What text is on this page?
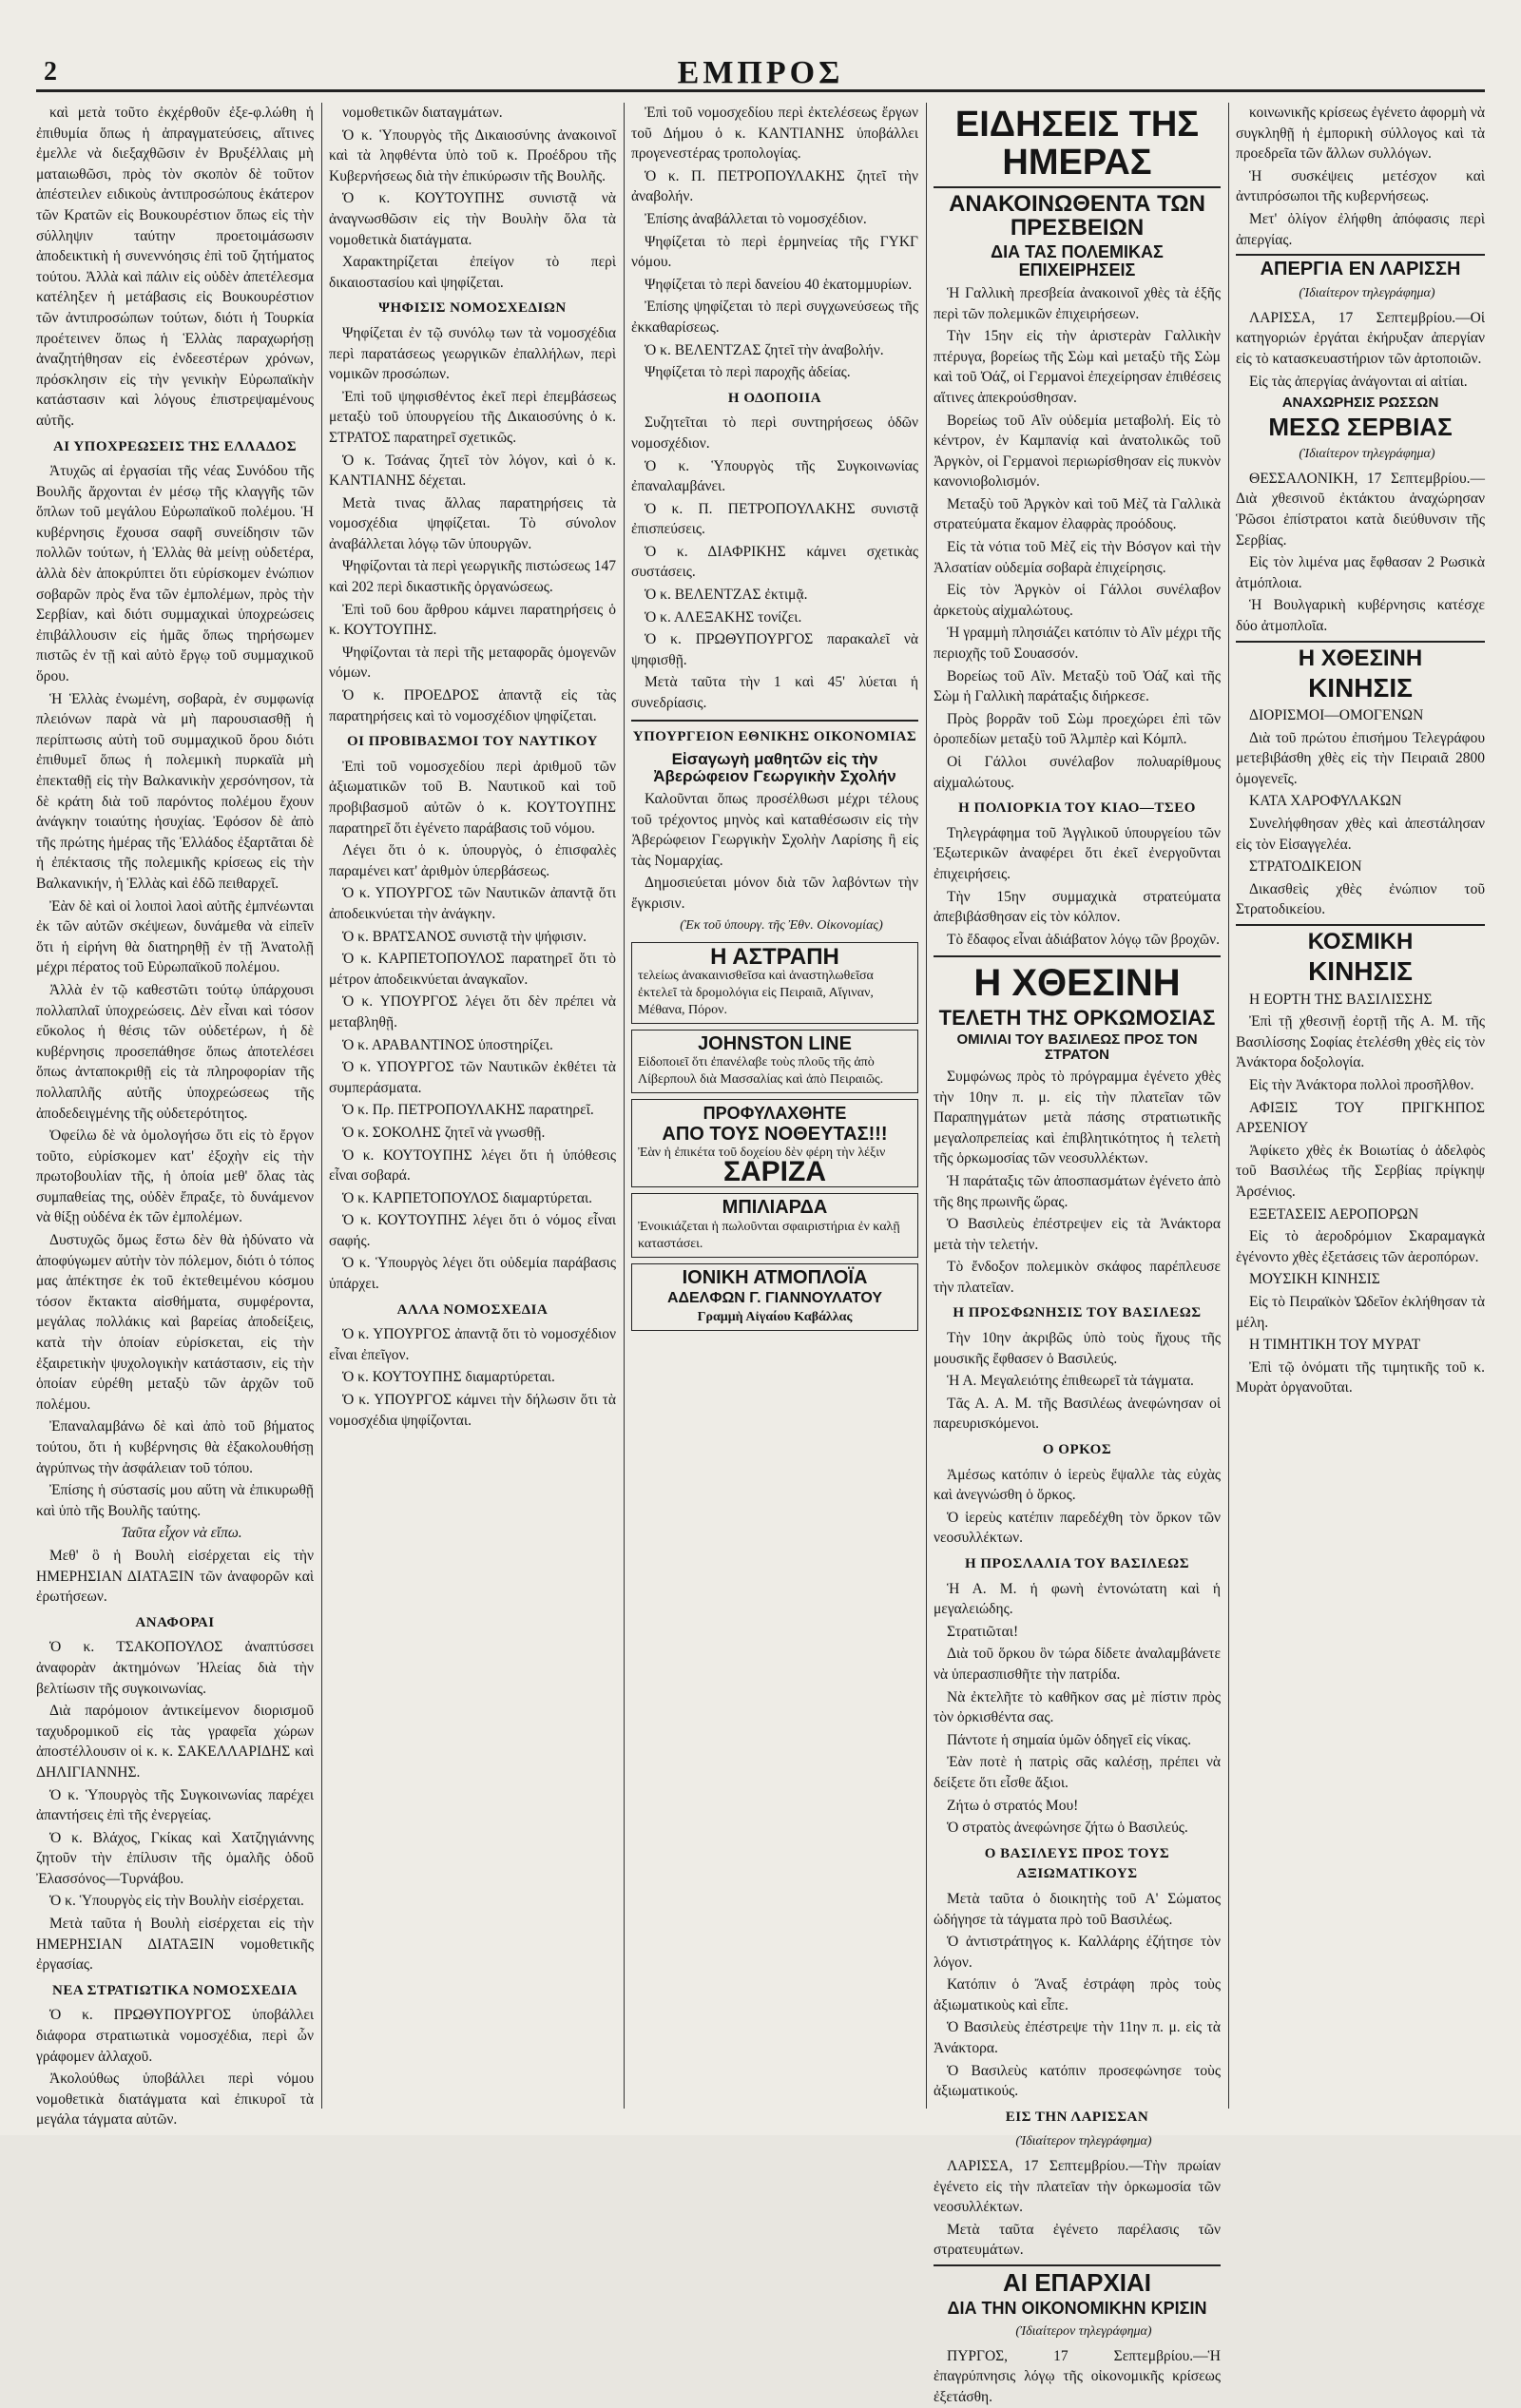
2	ΕΜΠΡΟΣ

καὶ μετὰ τοῦτο ἐκχέρθοῦν ἐξε-φ.λώθη ἡ ἐπιθυμία ὅπως ἡ ἀπραγματεύσεις, αἵτινες ἐμελλε νὰ διεξαχθῶσιν ἐν Βρυξέλλαις μὴ ματαιωθῶσι, πρὸς τὸν σκοπὸν δὲ τοῦτον ἀπέστειλεν ειδικοὺς ἀντιπροσώπους ἑκάτερον τῶν Κρατῶν εἰς Βουκουρέστιον ὅπως εἰς τὴν σύλληψιν ταύτην προετοιμάσωσιν ἀποδεικτικὴ ἡ συνεννόησις ἐπὶ τοῦ ζητήματος τούτου. Ἀλλὰ καὶ πάλιν εἰς οὐδὲν ἀπετέλεσμα κατέληξεν ἡ μετάβασις εἰς Βουκουρέστιον τῶν ἀντιπροσώπων τούτων, διότι ἡ Τουρκία προέτεινεν ὅπως ἡ Ἑλλὰς παραχωρήσῃ ἀναζητήθησαν εἰς ἐνδεεστέρων χρόνων, πρόσκλησιν εἰς τὴν γενικὴν Εὐρωπαϊκὴν κατάστασιν καὶ λόγους ἐπιστρεψαμένους αὐτῆς.

ΑΙ ΥΠΟΧΡΕΩΣΕΙΣ ΤΗΣ ΕΛΛΑΔΟΣ

Ἀτυχῶς αἱ ἐργασίαι τῆς νέας Συνόδου τῆς Βουλῆς ἄρχονται ἐν μέσῳ τῆς κλαγγῆς τῶν ὅπλων τοῦ μεγάλου Εὐρωπαϊκοῦ πολέμου. Ἡ κυβέρνησις ἔχουσα σαφῆ συνείδησιν τῶν πολλῶν τούτων, ἡ Ἑλλὰς θὰ μείνῃ οὐδετέρα, ἀλλὰ δὲν ἀποκρύπτει ὅτι εὑρίσκομεν ἐνώπιον σοβαρῶν πρὸς ἔνα τῶν ἐμπολέμων, πρὸς τὴν Σερβίαν, καὶ διότι συμμαχικαὶ ὑποχρεώσεις ἐπιβάλλουσιν εἰς ἡμᾶς ὅπως τηρήσωμεν πιστῶς ἐν τῇ καὶ αὐτὸ ἔργῳ τοῦ συμμαχικοῦ ὅρου.

Ἡ Ἑλλὰς ἐνωμένη, σοβαρὰ, ἐν συμφωνίᾳ πλειόνων παρὰ νὰ μὴ παρουσιασθῇ ἡ περίπτωσις αὐτὴ τοῦ συμμαχικοῦ ὅρου διότι ἐπιθυμεῖ ὅπως ἡ πολεμικὴ πυρκαϊὰ μὴ ἐπεκταθῇ εἰς τὴν Βαλκανικὴν χερσόνησον, τὰ δὲ κράτη διὰ τοῦ παρόντος πολέμου ἔχουν ἀνάγκην τοιαύτης ἡσυχίας. Ἐφόσον δὲ ἀπὸ τῆς πρώτης ἡμέρας τῆς Ἑλλάδος ἐξαρτᾶται δὲ ἡ ἐπέκτασις τῆς πολεμικῆς κρίσεως εἰς τὴν Βαλκανικήν, ἡ Ἑλλὰς καὶ ἐδῶ πειθαρχεῖ.

Ἐὰν δὲ καὶ οἱ λοιποὶ λαοὶ αὐτῆς ἐμπνέωνται ἐκ τῶν αὐτῶν σκέψεων, δυνάμεθα νὰ εἰπεῖν ὅτι ἡ εἰρήνη θὰ διατηρηθῇ ἐν τῇ Ἀνατολῇ μέχρι πέρατος τοῦ Εὐρωπαϊκοῦ πολέμου.

Ἀλλὰ ἐν τῷ καθεστῶτι τούτῳ ὑπάρχουσι πολλαπλαῖ ὑποχρεώσεις. Δὲν εἶναι καὶ τόσον εὔκολος ἡ θέσις τῶν οὐδετέρων, ἡ δὲ κυβέρνησις προσεπάθησε ὅπως ἀποτελέσει ὅπως ἀνταποκριθῇ εἰς τὰ πληροφορίαν τῆς πολλαπλῆς αὐτῆς ὑποχρεώσεως τῆς ἀποδεδειγμένης τῆς οὐδετερότητος.

Ὀφείλω δὲ νὰ ὁμολογήσω ὅτι εἰς τὸ ἔργον τοῦτο, εὑρίσκομεν κατ' ἐξοχὴν εἰς τὴν πρωτοβουλίαν τῆς, ἡ ὁποία μεθ' ὅλας τὰς συμπαθείας της, οὐδὲν ἔπραξε, τὸ δυνάμενον νὰ θίξῃ οὐδένα ἐκ τῶν ἐμπολέμων.

Δυστυχῶς ὅμως ἕστω δὲν θὰ ἠδύνατο νὰ ἀποφύγωμεν αὐτὴν τὸν πόλεμον, διότι ὁ τόπος μας ἀπέκτησε ἐκ τοῦ ἐκτεθειμένου κόσμου τόσον ἔκτακτα αἰσθήματα, συμφέροντα, μεγάλας πολλάκις καὶ βαρείας ἀποδείξεις, κατὰ τὴν ὁποίαν εὑρίσκεται, εἰς τὴν ἐξαιρετικὴν ψυχολογικὴν κατάστασιν, εἰς τὴν ὁποίαν εὑρέθη μεταξὺ τῶν ἀρχῶν τοῦ πολέμου.

Ἐπαναλαμβάνω δὲ καὶ ἀπὸ τοῦ βήματος τούτου, ὅτι ἡ κυβέρνησις θὰ ἐξακολουθήσῃ ἀγρύπνως τὴν ἀσφάλειαν τοῦ τόπου.

Ἐπίσης ἡ σύστασίς μου αὕτη νὰ ἐπικυρωθῇ καὶ ὑπὸ τῆς Βουλῆς ταύτης.

Ταῦτα εἶχον νὰ εἴπω.

Μεθ' ὃ ἡ Βουλὴ εἰσέρχεται εἰς τὴν ΗΜΕΡΗΣΙΑΝ ΔΙΑΤΑΞΙΝ τῶν ἀναφορῶν καὶ ἐρωτήσεων.

ΑΝΑΦΟΡΑΙ

Ὁ κ. ΤΣΑΚΟΠΟΥΛΟΣ ἀναπτύσσει ἀναφορὰν ἀκτημόνων Ἠλείας διὰ τὴν βελτίωσιν τῆς συγκοινωνίας.

Διὰ παρόμοιον ἀντικείμενον διορισμοῦ ταχυδρομικοῦ εἰς τὰς γραφεῖα χώρων ἀποστέλλουσιν οἱ κ. κ. ΣΑΚΕΛΛΑΡΙΔΗΣ καὶ ΔΗΛΙΓΙΑΝΝΗΣ.

Ὁ κ. Ὑπουργὸς τῆς Συγκοινωνίας παρέχει ἀπαντήσεις ἐπὶ τῆς ἐνεργείας.

Ὁ κ. Βλάχος, Γκίκας καὶ Χατζηγιάννης ζητοῦν τὴν ἐπίλυσιν τῆς ὁμαλῆς ὁδοῦ Ἐλασσόνος—Τυρνάβου.

Ὁ κ. Ὑπουργὸς εἰς τὴν Βουλὴν εἰσέρχεται.

Μετὰ ταῦτα ἡ Βουλὴ εἰσέρχεται εἰς τὴν ΗΜΕΡΗΣΙΑΝ ΔΙΑΤΑΞΙΝ νομοθετικῆς ἐργασίας.

ΝΕΑ ΣΤΡΑΤΙΩΤΙΚΑ ΝΟΜΟΣΧΕΔΙΑ

Ὁ κ. ΠΡΩΘΥΠΟΥΡΓΟΣ ὑποβάλλει διάφορα στρατιωτικὰ νομοσχέδια, περὶ ὧν γράφομεν ἀλλαχοῦ.

Ἀκολούθως ὑποβάλλει περὶ νόμου νομοθετικὰ διατάγματα καὶ ἐπικυροῖ τὰ μεγάλα τάγματα αὐτῶν.

νομοθετικῶν διαταγμάτων.

Ὁ κ. Ὑπουργὸς τῆς Δικαιοσύνης ἀνακοινοῖ καὶ τὰ ληφθέντα ὑπὸ τοῦ κ. Προέδρου τῆς Κυβερνήσεως διὰ τὴν ἐπικύρωσιν τῆς Βουλῆς.

Ὁ κ. ΚΟΥΤΟΥΠΗΣ συνιστᾷ νὰ ἀναγνωσθῶσιν εἰς τὴν Βουλὴν ὅλα τὰ νομοθετικὰ διατάγματα.

Χαρακτηρίζεται ἐπείγον τὸ περὶ δικαιοστασίου καὶ ψηφίζεται.

ΨΗΦΙΣΙΣ ΝΟΜΟΣΧΕΔΙΩΝ

Ψηφίζεται ἐν τῷ συνόλῳ των τὰ νομοσχέδια περὶ παρατάσεως γεωργικῶν ἐπαλλήλων, περὶ νομικῶν προσώπων.

Ἐπὶ τοῦ ψηφισθέντος ἐκεῖ περὶ ἐπεμβάσεως μεταξὺ τοῦ ὑπουργείου τῆς Δικαιοσύνης ὁ κ. ΣΤΡΑΤΟΣ παρατηρεῖ σχετικῶς.

Ὁ κ. Τσάνας ζητεῖ τὸν λόγον, καὶ ὁ κ. ΚΑΝΤΙΑΝΗΣ δέχεται.

Μετὰ τινας ἄλλας παρατηρήσεις τὰ νομοσχέδια ψηφίζεται. Τὸ σύνολον ἀναβάλλεται λόγῳ τῶν ὑπουργῶν.

Ψηφίζονται τὰ περὶ γεωργικῆς πιστώσεως 147 καὶ 202 περὶ δικαστικῆς ὀργανώσεως.

Ἐπὶ τοῦ 6ου ἄρθρου κάμνει παρατηρήσεις ὁ κ. ΚΟΥΤΟΥΠΗΣ.

Ψηφίζονται τὰ περὶ τῆς μεταφορᾶς ὁμογενῶν νόμων.

Ὁ κ. ΠΡΟΕΔΡΟΣ ἀπαντᾷ εἰς τὰς παρατηρήσεις καὶ τὸ νομοσχέδιον ψηφίζεται.

ΟΙ ΠΡΟΒΙΒΑΣΜΟΙ ΤΟΥ ΝΑΥΤΙΚΟΥ

Ἐπὶ τοῦ νομοσχεδίου περὶ ἀριθμοῦ τῶν ἀξιωματικῶν τοῦ Β. Ναυτικοῦ καὶ τοῦ προβιβασμοῦ αὐτῶν ὁ κ. ΚΟΥΤΟΥΠΗΣ παρατηρεῖ ὅτι ἐγένετο παράβασις τοῦ νόμου.

Λέγει ὅτι ὁ κ. ὑπουργὸς, ὁ ἐπισφαλὲς παραμένει κατ' ἀριθμὸν ὑπερβάσεως.

Ὁ κ. ΥΠΟΥΡΓΟΣ τῶν Ναυτικῶν ἀπαντᾷ ὅτι ἀποδεικνύεται τὴν ἀνάγκην.

Ὁ κ. ΒΡΑΤΣΑΝΟΣ συνιστᾷ τὴν ψήφισιν.

Ὁ κ. ΚΑΡΠΕΤΟΠΟΥΛΟΣ παρατηρεῖ ὅτι τὸ μέτρον ἀποδεικνύεται ἀναγκαῖον.

Ὁ κ. ΥΠΟΥΡΓΟΣ λέγει ὅτι δὲν πρέπει νὰ μεταβληθῇ.

Ὁ κ. ΑΡΑΒΑΝΤΙΝΟΣ ὑποστηρίζει.

Ὁ κ. ΥΠΟΥΡΓΟΣ τῶν Ναυτικῶν ἐκθέτει τὰ συμπεράσματα.

Ὁ κ. Πρ. ΠΕΤΡΟΠΟΥΛΑΚΗΣ παρατηρεῖ.

Ὁ κ. ΣΟΚΟΛΗΣ ζητεῖ νὰ γνωσθῇ.

Ὁ κ. ΚΟΥΤΟΥΠΗΣ λέγει ὅτι ἡ ὑπόθεσις εἶναι σοβαρά.

Ὁ κ. ΚΑΡΠΕΤΟΠΟΥΛΟΣ διαμαρτύρεται.

Ὁ κ. ΚΟΥΤΟΥΠΗΣ λέγει ὅτι ὁ νόμος εἶναι σαφής.

Ὁ κ. Ὑπουργὸς λέγει ὅτι οὐδεμία παράβασις ὑπάρχει.

ΑΛΛΑ ΝΟΜΟΣΧΕΔΙΑ

Ὁ κ. ΥΠΟΥΡΓΟΣ ἀπαντᾷ ὅτι τὸ νομοσχέδιον εἶναι ἐπεῖγον.

Ὁ κ. ΚΟΥΤΟΥΠΗΣ διαμαρτύρεται.

Ὁ κ. ΥΠΟΥΡΓΟΣ κάμνει τὴν δήλωσιν ὅτι τὰ νομοσχέδια ψηφίζονται.

Ἐπὶ τοῦ νομοσχεδίου περὶ ἐκτελέσεως ἔργων τοῦ Δήμου ὁ κ. ΚΑΝΤΙΑΝΗΣ ὑποβάλλει προγενεστέρας τροπολογίας.

Ὁ κ. Π. ΠΕΤΡΟΠΟΥΛΑΚΗΣ ζητεῖ τὴν ἀναβολήν.

Ἐπίσης ἀναβάλλεται τὸ νομοσχέδιον.

Ψηφίζεται τὸ περὶ ἑρμηνείας τῆς ΓΥΚΓ νόμου.

Ψηφίζεται τὸ περὶ δανείου 40 ἑκατομμυρίων.

Ἐπίσης ψηφίζεται τὸ περὶ συγχωνεύσεως τῆς ἐκκαθαρίσεως.

Ὁ κ. ΒΕΛΕΝΤΖΑΣ ζητεῖ τὴν ἀναβολήν.

Ψηφίζεται τὸ περὶ παροχῆς ἀδείας.

Η ΟΔΟΠΟΙΙΑ

Συζητεῖται τὸ περὶ συντηρήσεως ὁδῶν νομοσχέδιον.

Ὁ κ. Ὑπουργὸς τῆς Συγκοινωνίας ἐπαναλαμβάνει.

Ὁ κ. Π. ΠΕΤΡΟΠΟΥΛΑΚΗΣ συνιστᾷ ἐπισπεύσεις.

Ὁ κ. ΔΙΑΦΡΙΚΗΣ κάμνει σχετικὰς συστάσεις.

Ὁ κ. ΒΕΛΕΝΤΖΑΣ ἐκτιμᾷ.

Ὁ κ. ΑΛΕΞΑΚΗΣ τονίζει.

Ὁ κ. ΠΡΩΘΥΠΟΥΡΓΟΣ παρακαλεῖ νὰ ψηφισθῇ.

Μετὰ ταῦτα τὴν 1 καὶ 45' λύεται ἡ συνεδρίασις.

ΥΠΟΥΡΓΕΙΟΝ ΕΘΝΙΚΗΣ ΟΙΚΟΝΟΜΙΑΣ
Εἰσαγωγὴ μαθητῶν εἰς τὴν Ἀβερώφειον Γεωργικὴν Σχολήν

Καλοῦνται ὅπως προσέλθωσι μέχρι τέλους τοῦ τρέχοντος μηνὸς καὶ καταθέσωσιν εἰς τὴν Ἀβερώφειον Γεωργικὴν Σχολὴν Λαρίσης ἢ εἰς τὰς Νομαρχίας.

Δημοσιεύεται μόνον διὰ τῶν λαβόντων τὴν ἔγκρισιν.

(Ἐκ τοῦ ὑπουργ. τῆς Ἐθν. Οἰκονομίας)

Η ΑΣΤΡΑΠΗ
τελείως ἀνακαινισθεῖσα καὶ ἀναστηλωθεῖσα ἐκτελεῖ τὰ δρομολόγια εἰς Πειραιᾶ, Αἴγιναν, Μέθανα, Πόρον.
JOHNSTON LINE
Εἰδοποιεῖ ὅτι ἐπανέλαβε τοὺς πλοῦς τῆς ἀπὸ Λίβερπουλ διὰ Μασσαλίας καὶ ἀπὸ Πειραιῶς.
ΠΡΟΦΥΛΑΧΘΗΤΕ
ΑΠΟ ΤΟΥΣ ΝΟΘΕΥΤΑΣ!!!
Ἐὰν ἡ ἐπικέτα τοῦ δοχείου δὲν φέρη τὴν λέξιν
ΣΑΡΙΖΑ
ΜΠΙΛΙΑΡΔΑ
Ἐνοικιάζεται ἡ πωλοῦνται σφαιριστήρια ἐν καλῇ καταστάσει.
ΙΟΝΙΚΗ ΑΤΜΟΠΛΟΪΑ
ΑΔΕΛΦΩΝ Γ. ΓΙΑΝΝΟΥΛΑΤΟΥ
Γραμμὴ Αἰγαίου Καβάλλας
ΕΙΔΗΣΕΙΣ ΤΗΣ ΗΜΕΡΑΣ
ΑΝΑΚΟΙΝΩΘΕΝΤΑ ΤΩΝ ΠΡΕΣΒΕΙΩΝ
ΔΙΑ ΤΑΣ ΠΟΛΕΜΙΚΑΣ ΕΠΙΧΕΙΡΗΣΕΙΣ

Ἡ Γαλλικὴ πρεσβεία ἀνακοινοῖ χθὲς τὰ ἑξῆς περὶ τῶν πολεμικῶν ἐπιχειρήσεων.

Τὴν 15ην εἰς τὴν ἀριστερὰν Γαλλικὴν πτέρυγα, βορείως τῆς Σὼμ καὶ μεταξὺ τῆς Σὼμ καὶ τοῦ Ὀάζ, οἱ Γερμανοὶ ἐπεχείρησαν ἐπιθέσεις αἵτινες ἀπεκρούσθησαν.

Βορείως τοῦ Αἲν οὐδεμία μεταβολή. Εἰς τὸ κέντρον, ἐν Καμπανίᾳ καὶ ἀνατολικῶς τοῦ Ἀργκὸν, οἱ Γερμανοὶ περιωρίσθησαν εἰς πυκνὸν κανονιοβολισμόν.

Μεταξὺ τοῦ Ἀργκὸν καὶ τοῦ Μὲζ τὰ Γαλλικὰ στρατεύματα ἔκαμον ἐλαφρὰς προόδους.

Εἰς τὰ νότια τοῦ Μὲζ εἰς τὴν Βόσγον καὶ τὴν Ἀλσατίαν οὐδεμία σοβαρὰ ἐπιχείρησις.

Εἰς τὸν Ἀργκὸν οἱ Γάλλοι συνέλαβον ἀρκετοὺς αἰχμαλώτους.

Ἡ γραμμὴ πλησιάζει κατόπιν τὸ Αἲν μέχρι τῆς περιοχῆς τοῦ Σουασσόν.

Βορείως τοῦ Αἲν. Μεταξὺ τοῦ Ὀάζ καὶ τῆς Σὼμ ἡ Γαλλικὴ παράταξις διήρκεσε.

Πρὸς βορρᾶν τοῦ Σὼμ προεχώρει ἐπὶ τῶν ὀροπεδίων μεταξὺ τοῦ Ἀλμπὲρ καὶ Κόμπλ.

Οἱ Γάλλοι συνέλαβον πολυαρίθμους αἰχμαλώτους.

Η ΠΟΛΙΟΡΚΙΑ ΤΟΥ ΚΙΑΟ—ΤΣΕΟ

Τηλεγράφημα τοῦ Ἀγγλικοῦ ὑπουργείου τῶν Ἐξωτερικῶν ἀναφέρει ὅτι ἐκεῖ ἐνεργοῦνται ἐπιχειρήσεις.

Τὴν 15ην συμμαχικὰ στρατεύματα ἀπεβιβάσθησαν εἰς τὸν κόλπον.

Τὸ ἔδαφος εἶναι ἀδιάβατον λόγῳ τῶν βροχῶν.

Η ΧΘΕΣΙΝΗ
ΤΕΛΕΤΗ ΤΗΣ ΟΡΚΩΜΟΣΙΑΣ
ΟΜΙΛΙΑΙ ΤΟΥ ΒΑΣΙΛΕΩΣ ΠΡΟΣ ΤΟΝ ΣΤΡΑΤΟΝ

Συμφώνως πρὸς τὸ πρόγραμμα ἐγένετο χθὲς τὴν 10ην π. μ. εἰς τὴν πλατεῖαν τῶν Παραπηγμάτων μετὰ πάσης στρατιωτικῆς μεγαλοπρεπείας καὶ ἐπιβλητικότητος ἡ τελετὴ τῆς ὁρκωμοσίας τῶν νεοσυλλέκτων.

Ἡ παράταξις τῶν ἀποσπασμάτων ἐγένετο ἀπὸ τῆς 8ης πρωινῆς ὥρας.

Ὁ Βασιλεὺς ἐπέστρεψεν εἰς τὰ Ἀνάκτορα μετὰ τὴν τελετήν.

Τὸ ἔνδοξον πολεμικὸν σκάφος παρέπλευσε τὴν πλατεῖαν.

Η ΠΡΟΣΦΩΝΗΣΙΣ ΤΟΥ ΒΑΣΙΛΕΩΣ

Τὴν 10ην ἀκριβῶς ὑπὸ τοὺς ἤχους τῆς μουσικῆς ἔφθασεν ὁ Βασιλεύς.

Ἡ Α. Μεγαλειότης ἐπιθεωρεῖ τὰ τάγματα.

Τᾶς Α. Α. Μ. τῆς Βασιλέως ἀνεφώνησαν οἱ παρευρισκόμενοι.

Ο ΟΡΚΟΣ

Ἀμέσως κατόπιν ὁ ἱερεὺς ἔψαλλε τὰς εὐχὰς καὶ ἀνεγνώσθη ὁ ὅρκος.

Ὁ ἱερεὺς κατέπιν παρεδέχθη τὸν ὅρκον τῶν νεοσυλλέκτων.

Η ΠΡΟΣΛΑΛΙΑ ΤΟΥ ΒΑΣΙΛΕΩΣ

Ἡ Α. Μ. ἡ φωνὴ ἐντονώτατη καὶ ἡ μεγαλειώδης.

Στρατιῶται!

Διὰ τοῦ ὅρκου ὃν τώρα δίδετε ἀναλαμβάνετε νὰ ὑπερασπισθῆτε τὴν πατρίδα.

Νὰ ἐκτελῆτε τὸ καθῆκον σας μὲ πίστιν πρὸς τὸν ὀρκισθέντα σας.

Πάντοτε ἡ σημαία ὑμῶν ὁδηγεῖ εἰς νίκας.

Ἐὰν ποτὲ ἡ πατρὶς σᾶς καλέσῃ, πρέπει νὰ δείξετε ὅτι εἶσθε ἄξιοι.

Ζήτω ὁ στρατός Μου!

Ὁ στρατὸς ἀνεφώνησε ζήτω ὁ Βασιλεύς.

Ο ΒΑΣΙΛΕΥΣ ΠΡΟΣ ΤΟΥΣ ΑΞΙΩΜΑΤΙΚΟΥΣ

Μετὰ ταῦτα ὁ διοικητὴς τοῦ Α' Σώματος ὡδήγησε τὰ τάγματα πρὸ τοῦ Βασιλέως.

Ὁ ἀντιστράτηγος κ. Καλλάρης ἐζήτησε τὸν λόγον.

Κατόπιν ὁ Ἄναξ ἐστράφη πρὸς τοὺς ἀξιωματικοὺς καὶ εἶπε.

Ὁ Βασιλεὺς ἐπέστρεψε τὴν 11ην π. μ. εἰς τὰ Ἀνάκτορα.

Ὁ Βασιλεὺς κατόπιν προσεφώνησε τοὺς ἀξιωματικούς.

ΕΙΣ ΤΗΝ ΛΑΡΙΣΣΑΝ

(Ἰδιαίτερον τηλεγράφημα)

ΛΑΡΙΣΣΑ, 17 Σεπτεμβρίου.—Τὴν πρωίαν ἐγένετο εἰς τὴν πλατεῖαν τὴν ὁρκωμοσία τῶν νεοσυλλέκτων.

Μετὰ ταῦτα ἐγένετο παρέλασις τῶν στρατευμάτων.

ΑΙ ΕΠΑΡΧΙΑΙ
ΔΙΑ ΤΗΝ ΟΙΚΟΝΟΜΙΚΗΝ ΚΡΙΣΙΝ

(Ἰδιαίτερον τηλεγράφημα)

ΠΥΡΓΟΣ, 17 Σεπτεμβρίου.—Ἡ ἐπαγρύπνησις λόγῳ τῆς οἰκονομικῆς κρίσεως ἐξετάσθη.

κοινωνικῆς κρίσεως ἐγένετο ἀφορμὴ νὰ συγκληθῇ ἡ ἐμπορικὴ σύλλογος καὶ τὰ προεδρεῖα τῶν ἄλλων συλλόγων.

Ἡ συσκέψεις μετέσχον καὶ ἀντιπρόσωποι τῆς κυβερνήσεως.

Μετ' ὀλίγον ἐλήφθη ἀπόφασις περὶ ἀπεργίας.

ΑΠΕΡΓΙΑ ΕΝ ΛΑΡΙΣΣΗ

(Ἰδιαίτερον τηλεγράφημα)

ΛΑΡΙΣΣΑ, 17 Σεπτεμβρίου.—Οἱ κατηγοριών ἐργάται ἐκήρυξαν ἀπεργίαν εἰς τὸ κατασκευαστήριον τῶν ἀρτοποιῶν.

Εἰς τὰς ἀπεργίας ἀνάγονται αἱ αἰτίαι.

ΑΝΑΧΩΡΗΣΙΣ ΡΩΣΣΩΝ
ΜΕΣΩ ΣΕΡΒΙΑΣ

(Ἰδιαίτερον τηλεγράφημα)

ΘΕΣΣΑΛΟΝΙΚΗ, 17 Σεπτεμβρίου.—Διὰ χθεσινοῦ ἐκτάκτου ἀναχώρησαν Ῥῶσοι ἐπίστρατοι κατὰ διεύθυνσιν τῆς Σερβίας.

Εἰς τὸν λιμένα μας ἔφθασαν 2 Ρωσικὰ ἀτμόπλοια.

Ἡ Βουλγαρικὴ κυβέρνησις κατέσχε δύο ἀτμοπλοῖα.

Η ΧΘΕΣΙΝΗ
ΚΙΝΗΣΙΣ

ΔΙΟΡΙΣΜΟΙ—ΟΜΟΓΕΝΩΝ

Διὰ τοῦ πρώτου ἐπισήμου Τελεγράφου μετεβιβάσθη χθὲς εἰς τὴν Πειραιᾶ 2800 ὁμογενεῖς.

ΚΑΤΑ ΧΑΡΟΦΥΛΑΚΩΝ

Συνελήφθησαν χθὲς καὶ ἀπεστάλησαν εἰς τὸν Εἰσαγγελέα.

ΣΤΡΑΤΟΔΙΚΕΙΟΝ

Δικασθεὶς χθὲς ἐνώπιον τοῦ Στρατοδικείου.

ΚΟΣΜΙΚΗ
ΚΙΝΗΣΙΣ

Η ΕΟΡΤΗ ΤΗΣ ΒΑΣΙΛΙΣΣΗΣ

Ἐπὶ τῇ χθεσινῇ ἐορτῇ τῆς Α. Μ. τῆς Βασιλίσσης Σοφίας ἐτελέσθη χθὲς εἰς τὸν Ἀνάκτορα δοξολογία.

Εἰς τὴν Ἀνάκτορα πολλοὶ προσῆλθον.

ΑΦΙΞΙΣ ΤΟΥ ΠΡΙΓΚΗΠΟΣ ΑΡΣΕΝΙΟΥ

Ἀφίκετο χθὲς ἐκ Βοιωτίας ὁ ἀδελφὸς τοῦ Βασιλέως τῆς Σερβίας πρίγκηψ Ἀρσένιος.

ΕΞΕΤΑΣΕΙΣ ΑΕΡΟΠΟΡΩΝ

Εἰς τὸ ἀεροδρόμιον Σκαραμαγκὰ ἐγένοντο χθὲς ἐξετάσεις τῶν ἀεροπόρων.

ΜΟΥΣΙΚΗ ΚΙΝΗΣΙΣ

Εἰς τὸ Πειραϊκὸν Ὠδεῖον ἐκλήθησαν τὰ μέλη.

Η ΤΙΜΗΤΙΚΗ ΤΟΥ ΜΥΡΑΤ

Ἐπὶ τῷ ὀνόματι τῆς τιμητικῆς τοῦ κ. Μυρὰτ ὀργανοῦται.
